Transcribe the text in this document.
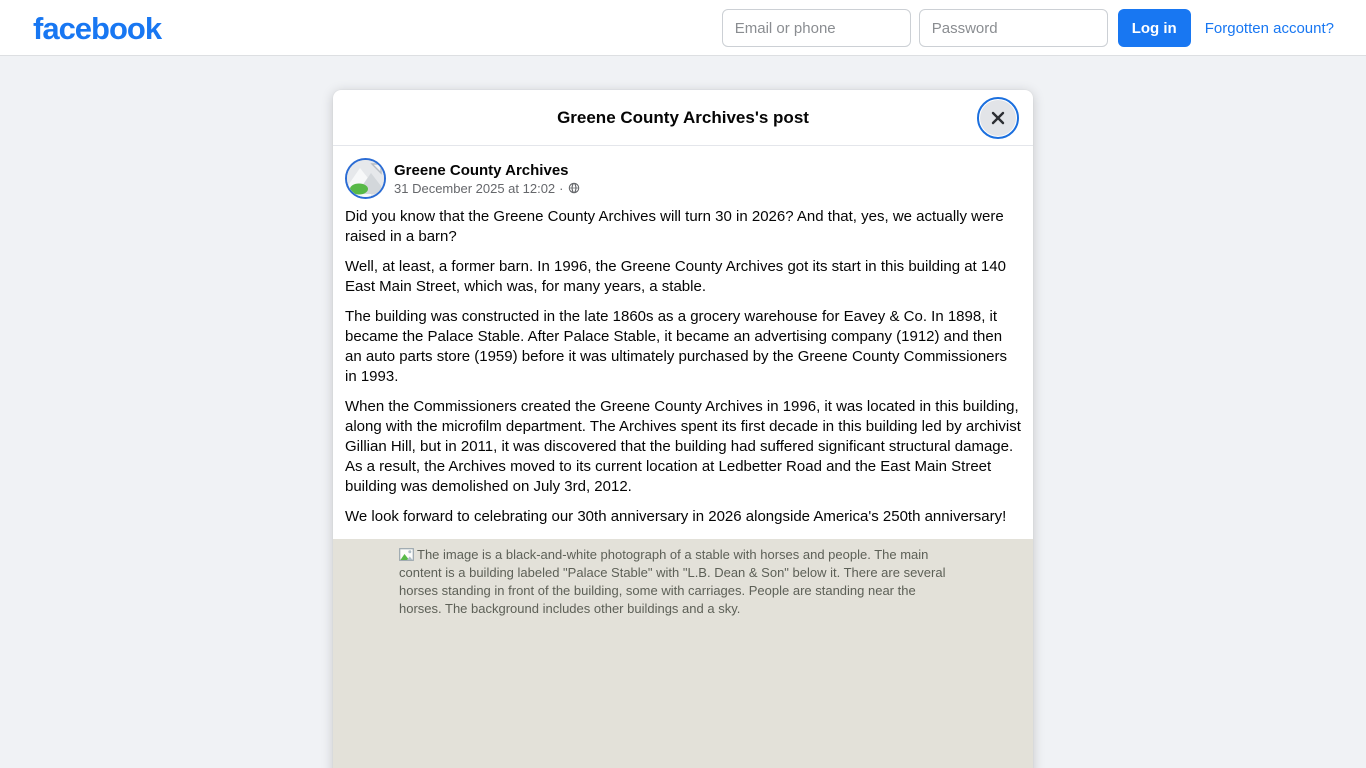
facebook
Email or phone	Log in	Forgotten account?
Greene County Archives's post
Greene County Archives
31 December 2025 at 12:02 ·

Did you know that the Greene County Archives will turn 30 in 2026? And that, yes, we actually were raised in a barn?

Well, at least, a former barn. In 1996, the Greene County Archives got its start in this building at 140 East Main Street, which was, for many years, a stable.

The building was constructed in the late 1860s as a grocery warehouse for Eavey & Co. In 1898, it became the Palace Stable. After Palace Stable, it became an advertising company (1912) and then an auto parts store (1959) before it was ultimately purchased by the Greene County Commissioners in 1993.

When the Commissioners created the Greene County Archives in 1996, it was located in this building, along with the microfilm department. The Archives spent its first decade in this building led by archivist Gillian Hill, but in 2011, it was discovered that the building had suffered significant structural damage. As a result, the Archives moved to its current location at Ledbetter Road and the East Main Street building was demolished on July 3rd, 2012.

We look forward to celebrating our 30th anniversary in 2026 alongside America's 250th anniversary!

The image is a black-and-white photograph of a stable with horses and people. The main content is a building labeled "Palace Stable" with "L.B. Dean & Son" below it. There are several horses standing in front of the building, some with carriages. People are standing near the horses. The background includes other buildings and a sky.
